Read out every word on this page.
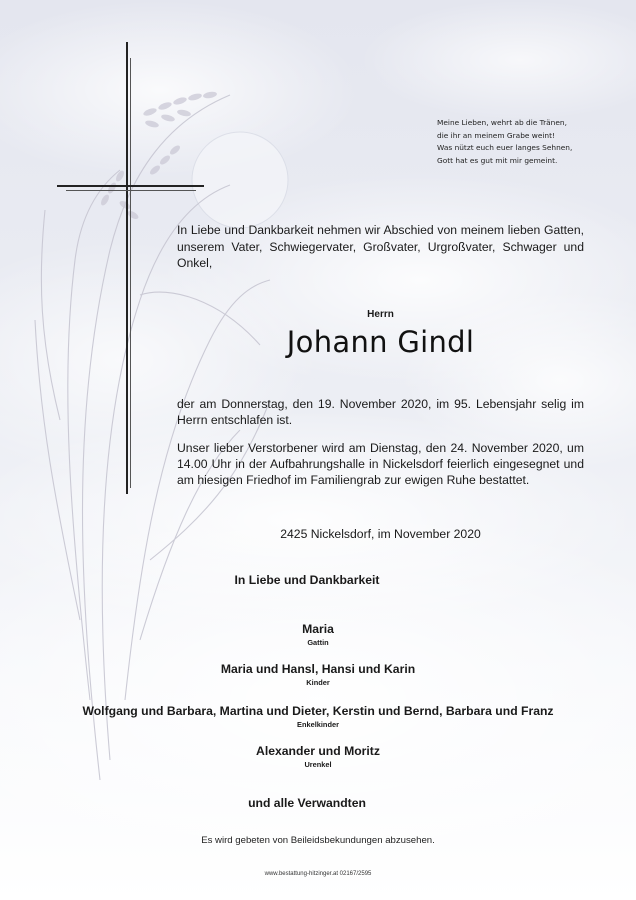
Meine Lieben, wehrt ab die Tränen,
die ihr an meinem Grabe weint!
Was nützt euch euer langes Sehnen,
Gott hat es gut mit mir gemeint.
In Liebe und Dankbarkeit nehmen wir Abschied von meinem lieben Gatten, unserem Vater, Schwiegervater, Großvater, Urgroßvater, Schwager und Onkel,
Herrn
Johann Gindl
der am Donnerstag, den 19. November 2020, im 95. Lebensjahr selig im Herrn entschlafen ist.
Unser lieber Verstorbener wird am Dienstag, den 24. November 2020, um 14.00 Uhr in der Aufbahrungshalle in Nickelsdorf feierlich eingesegnet und am hiesigen Friedhof im Familiengrab zur ewigen Ruhe bestattet.
2425 Nickelsdorf, im November 2020
In Liebe und Dankbarkeit
Maria
Gattin
Maria und Hansl, Hansi und Karin
Kinder
Wolfgang und Barbara, Martina und Dieter, Kerstin und Bernd, Barbara und Franz
Enkelkinder
Alexander und Moritz
Urenkel
und alle Verwandten
Es wird gebeten von Beileidsbekundungen abzusehen.
www.bestattung-hitzinger.at 02167/2595
